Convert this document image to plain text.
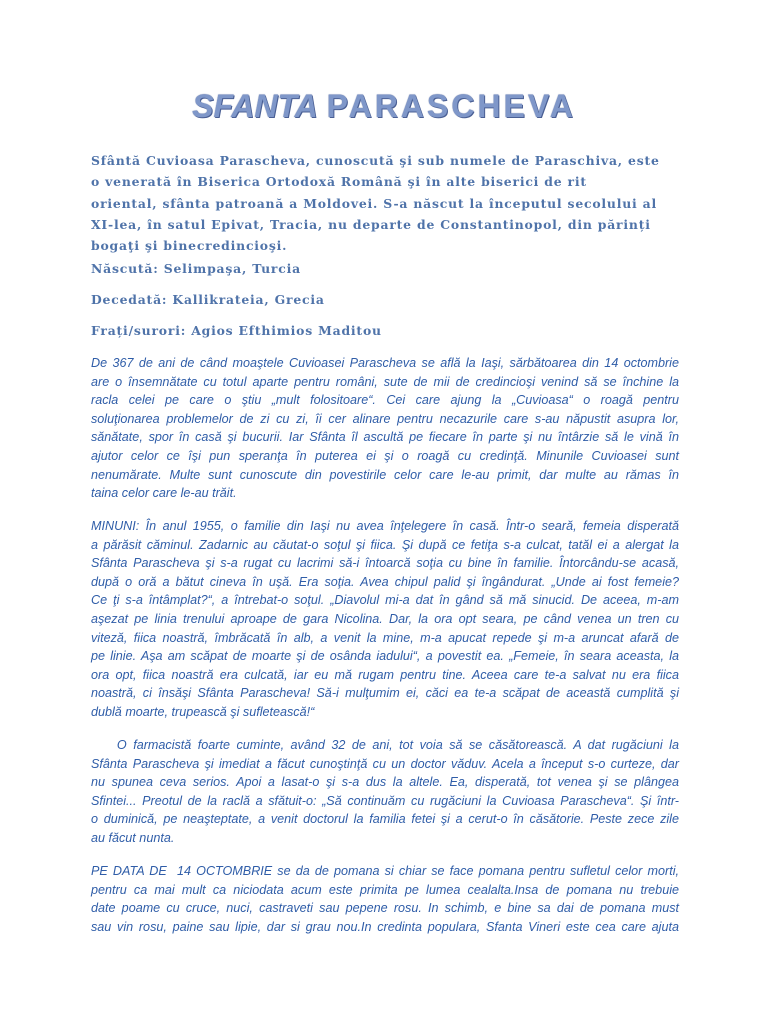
SFANTA PARASCHEVA
Sfântă Cuvioasa Parascheva, cunoscută şi sub numele de Paraschiva, este
o venerată în Biserica Ortodoxă Română şi în alte biserici de rit
oriental, sfânta patroană a Moldovei. S-a născut la începutul secolului al
XI-lea, în satul Epivat, Tracia, nu departe de Constantinopol, din părinți
bogaţi şi binecredincioşi.
Născută: Selimpaşa, Turcia
Decedată: Kallikrateia, Grecia
Frați/surori: Agios Efthimios Maditou
De 367 de ani de când moaştele Cuvioasei Parascheva se află la Iaşi, sărbătoarea din 14 octombrie
are o însemnătate cu totul aparte pentru români, sute de mii de credincioşi venind să se închine la
racla celei pe care o ştiu „mult folositoare“. Cei care ajung la „Cuvioasa“ o roagă pentru
soluţionarea problemelor de zi cu zi, îi cer alinare pentru necazurile care s-au năpustit asupra lor,
sănătate, spor în casă şi bucurii. Iar Sfânta îl ascultă pe fiecare în parte şi nu întârzie să le vină în
ajutor celor ce îşi pun speranţa în puterea ei şi o roagă cu credinţă. Minunile Cuvioasei sunt
nenumărate. Multe sunt cunoscute din povestirile celor care le-au primit, dar multe au rămas în
taina celor care le-au trăit.
MINUNI: În anul 1955, o familie din Iaşi nu avea înţelegere în casă. Într-o seară, femeia disperată
a părăsit căminul. Zadarnic au căutat-o soţul şi fiica. Şi după ce fetiţa s-a culcat, tatăl ei a alergat la
Sfânta Parascheva şi s-a rugat cu lacrimi să-i întoarcă soţia cu bine în familie. Întorcându-se acasă,
după o oră a bătut cineva în uşă. Era soţia. Avea chipul palid şi îngândurat. „Unde ai fost femeie?
Ce ţi s-a întâmplat?“, a întrebat-o soţul. „Diavolul mi-a dat în gând să mă sinucid. De aceea, m-am
aşezat pe linia trenului aproape de gara Nicolina. Dar, la ora opt seara, pe când venea un tren cu
viteză, fiica noastră, îmbrăcată în alb, a venit la mine, m-a apucat repede şi m-a aruncat afară de
pe linie. Aşa am scăpat de moarte şi de osânda iadului“, a povestit ea. „Femeie, în seara aceasta, la
ora opt, fiica noastră era culcată, iar eu mă rugam pentru tine. Aceea care te-a salvat nu era fiica
noastră, ci însăşi Sfânta Parascheva! Să-i mulţumim ei, căci ea te-a scăpat de această cumplită şi
dublă moarte, trupească şi sufletească!“
O farmacistă foarte cuminte, având 32 de ani, tot voia să se căsătorească. A dat rugăciuni la
Sfânta Parascheva şi imediat a făcut cunoştinţă cu un doctor văduv. Acela a început s-o curteze, dar
nu spunea ceva serios. Apoi a lasat-o şi s-a dus la altele. Ea, disperată, tot venea şi se plângea
Sfintei... Preotul de la raclă a sfătuit-o: „Să continuăm cu rugăciuni la Cuvioasa Parascheva“. Şi într-
o duminică, pe neaşteptate, a venit doctorul la familia fetei şi a cerut-o în căsătorie. Peste zece zile
au făcut nunta.
PE DATA DE  14 OCTOMBRIE se da de pomana si chiar se face pomana pentru sufletul celor morti,
pentru ca mai mult ca niciodata acum este primita pe lumea cealalta.Insa de pomana nu trebuie
date poame cu cruce, nuci, castraveti sau pepene rosu. In schimb, e bine sa dai de pomana must
sau vin rosu, paine sau lipie, dar si grau nou.In credinta populara, Sfanta Vineri este cea care ajuta
